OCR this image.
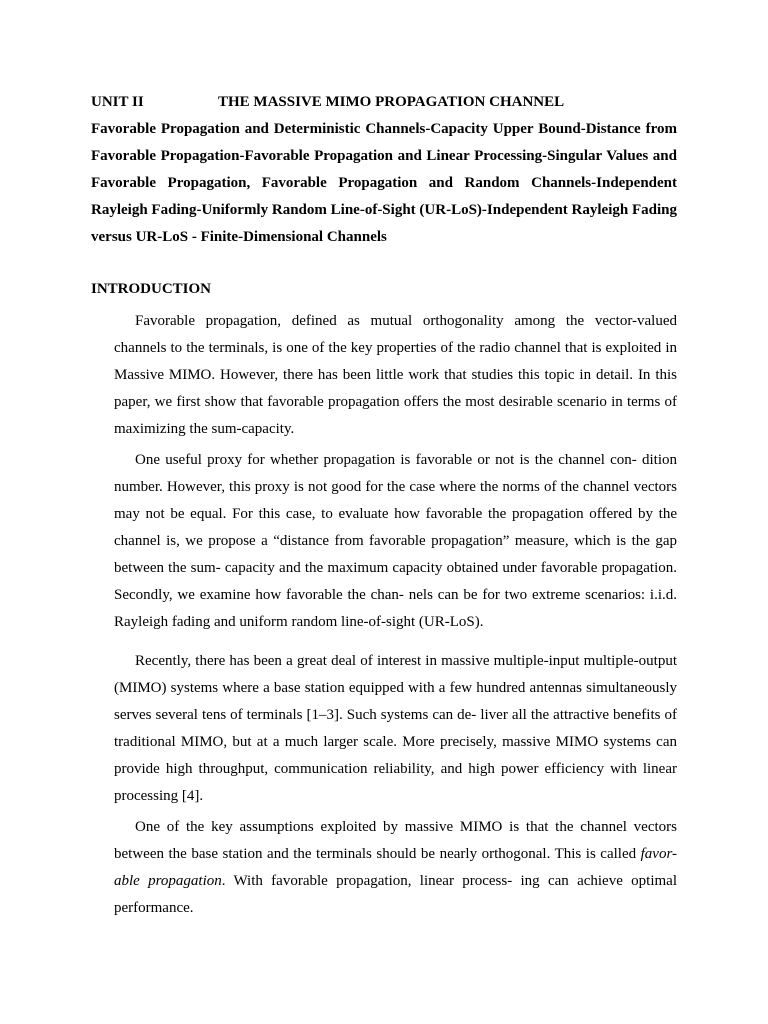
UNIT II	THE MASSIVE MIMO PROPAGATION CHANNEL

Favorable Propagation and Deterministic Channels-Capacity Upper Bound-Distance from Favorable Propagation-Favorable Propagation and Linear Processing-Singular Values and Favorable Propagation, Favorable Propagation and Random Channels-Independent Rayleigh Fading-Uniformly Random Line-of-Sight (UR-LoS)-Independent Rayleigh Fading versus UR-LoS - Finite-Dimensional Channels

INTRODUCTION

Favorable propagation, defined as mutual orthogonality among the vector-valued channels to the terminals, is one of the key properties of the radio channel that is exploited in Massive MIMO. However, there has been little work that studies this topic in detail. In this paper, we first show that favorable propagation offers the most desirable scenario in terms of maximizing the sum-capacity.

One useful proxy for whether propagation is favorable or not is the channel con- dition number. However, this proxy is not good for the case where the norms of the channel vectors may not be equal. For this case, to evaluate how favorable the propagation offered by the channel is, we propose a “distance from favorable propagation” measure, which is the gap between the sum- capacity and the maximum capacity obtained under favorable propagation. Secondly, we examine how favorable the chan- nels can be for two extreme scenarios: i.i.d. Rayleigh fading and uniform random line-of-sight (UR-LoS).

Recently, there has been a great deal of interest in massive multiple-input multiple-output (MIMO) systems where a base station equipped with a few hundred antennas simultaneously serves several tens of terminals [1–3]. Such systems can de- liver all the attractive benefits of traditional MIMO, but at a much larger scale. More precisely, massive MIMO systems can provide high throughput, communication reliability, and high power efficiency with linear processing [4].

One of the key assumptions exploited by massive MIMO is that the channel vectors between the base station and the terminals should be nearly orthogonal. This is called favor- able propagation. With favorable propagation, linear process- ing can achieve optimal performance.
